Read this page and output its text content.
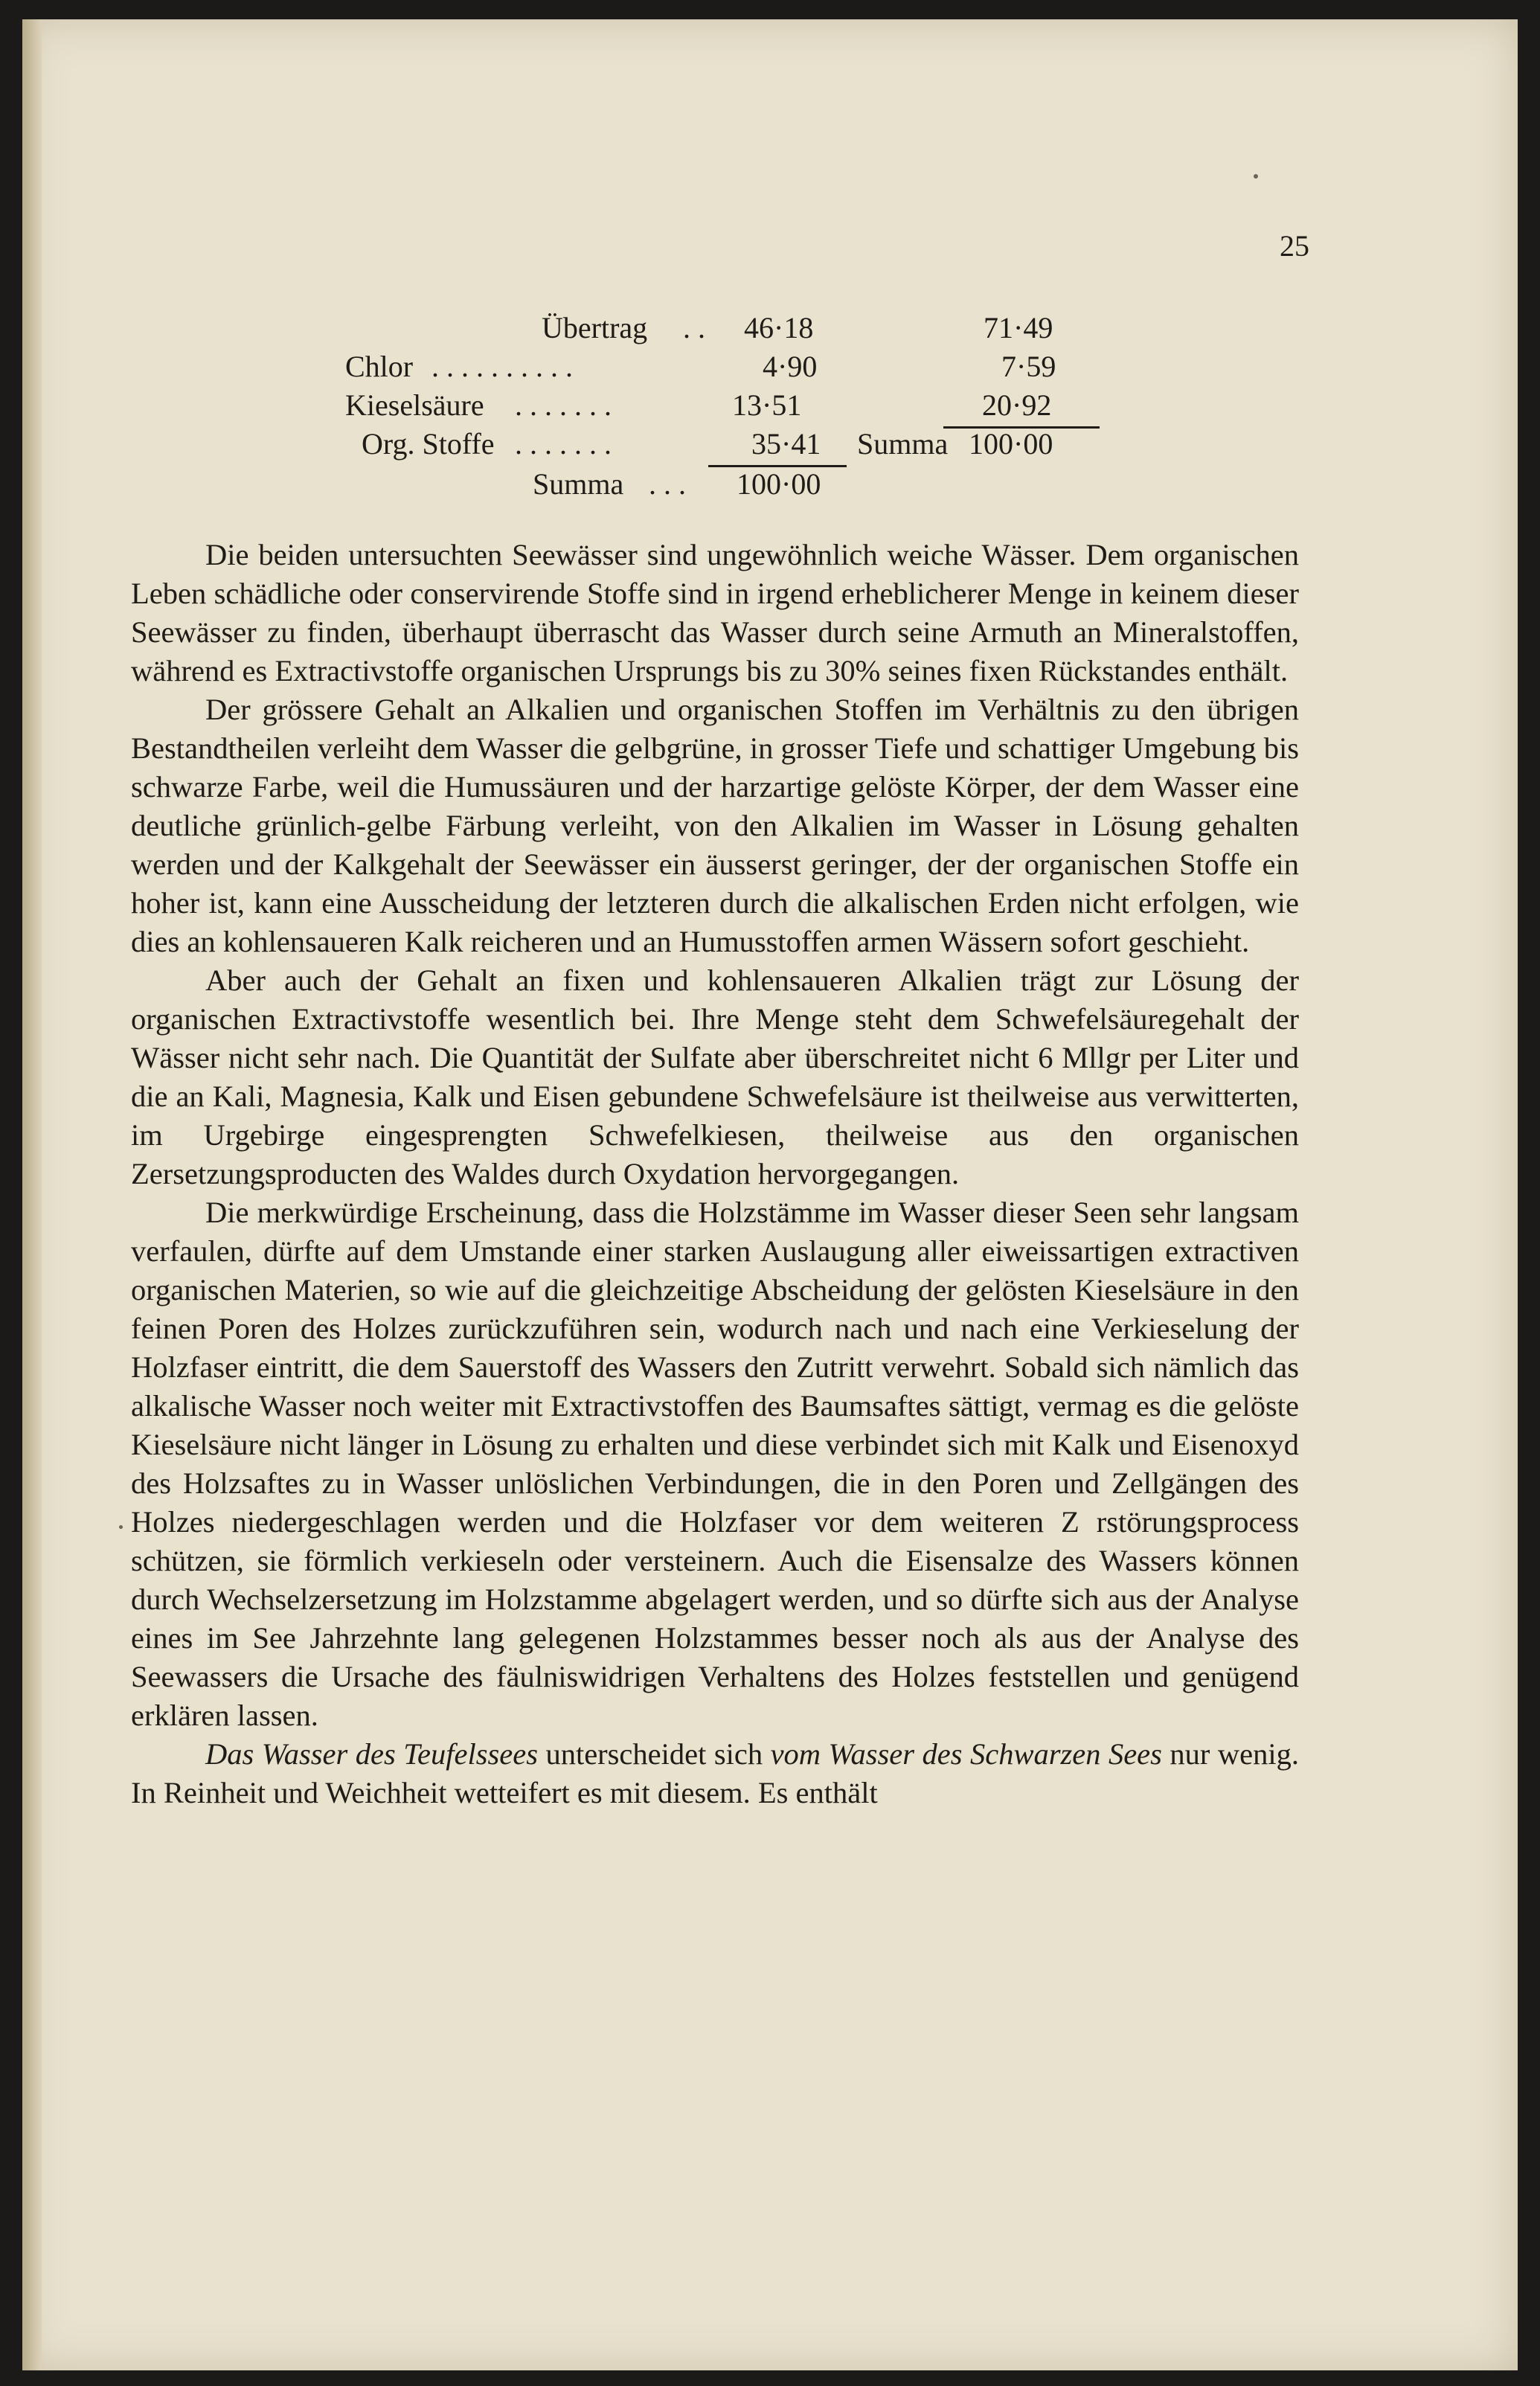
25
Übertrag . . 46·18	71·49
Chlor . . . . . . . . . .	4·90	7·59
Kieselsäure . . . . . . .	13·51	20·92
Org. Stoffe . . . . . . .	35·41 Summa 100·00
Summa . . . 100·00

Die beiden untersuchten Seewässer sind ungewöhnlich weiche Wässer. Dem organischen Leben schädliche oder conservirende Stoffe sind in irgend erheblicherer Menge in keinem dieser Seewässer zu finden, überhaupt überrascht das Wasser durch seine Armuth an Mineralstoffen, während es Extractivstoffe organischen Ursprungs bis zu 30% seines fixen Rückstandes enthält.

Der grössere Gehalt an Alkalien und organischen Stoffen im Verhältnis zu den übrigen Bestandtheilen verleiht dem Wasser die gelbgrüne, in grosser Tiefe und schattiger Umgebung bis schwarze Farbe, weil die Humussäuren und der harzartige gelöste Körper, der dem Wasser eine deutliche grünlich-gelbe Färbung verleiht, von den Alkalien im Wasser in Lösung gehalten werden und der Kalkgehalt der Seewässer ein äusserst geringer, der der organischen Stoffe ein hoher ist, kann eine Ausscheidung der letzteren durch die alkalischen Erden nicht erfolgen, wie dies an kohlensaueren Kalk reicheren und an Humusstoffen armen Wässern sofort geschieht.

Aber auch der Gehalt an fixen und kohlensaueren Alkalien trägt zur Lösung der organischen Extractivstoffe wesentlich bei. Ihre Menge steht dem Schwefelsäuregehalt der Wässer nicht sehr nach. Die Quantität der Sulfate aber überschreitet nicht 6 Mllgr per Liter und die an Kali, Magnesia, Kalk und Eisen gebundene Schwefelsäure ist theilweise aus verwitterten, im Urgebirge eingesprengten Schwefelkiesen, theilweise aus den organischen Zersetzungsproducten des Waldes durch Oxydation hervorgegangen.

Die merkwürdige Erscheinung, dass die Holzstämme im Wasser dieser Seen sehr langsam verfaulen, dürfte auf dem Umstande einer starken Auslaugung aller eiweissartigen extractiven organischen Materien, so wie auf die gleichzeitige Abscheidung der gelösten Kieselsäure in den feinen Poren des Holzes zurückzuführen sein, wodurch nach und nach eine Verkieselung der Holzfaser eintritt, die dem Sauerstoff des Wassers den Zutritt verwehrt. Sobald sich nämlich das alkalische Wasser noch weiter mit Extractivstoffen des Baumsaftes sättigt, vermag es die gelöste Kieselsäure nicht länger in Lösung zu erhalten und diese verbindet sich mit Kalk und Eisenoxyd des Holzsaftes zu in Wasser unlöslichen Verbindungen, die in den Poren und Zellgängen des Holzes niedergeschlagen werden und die Holzfaser vor dem weiteren Z rstörungsprocess schützen, sie förmlich verkieseln oder versteinern. Auch die Eisensalze des Wassers können durch Wechselzersetzung im Holzstamme abgelagert werden, und so dürfte sich aus der Analyse eines im See Jahrzehnte lang gelegenen Holzstammes besser noch als aus der Analyse des Seewassers die Ursache des fäulniswidrigen Verhaltens des Holzes feststellen und genügend erklären lassen.

Das Wasser des Teufelssees unterscheidet sich vom Wasser des Schwarzen Sees nur wenig. In Reinheit und Weichheit wetteifert es mit diesem. Es enthält
